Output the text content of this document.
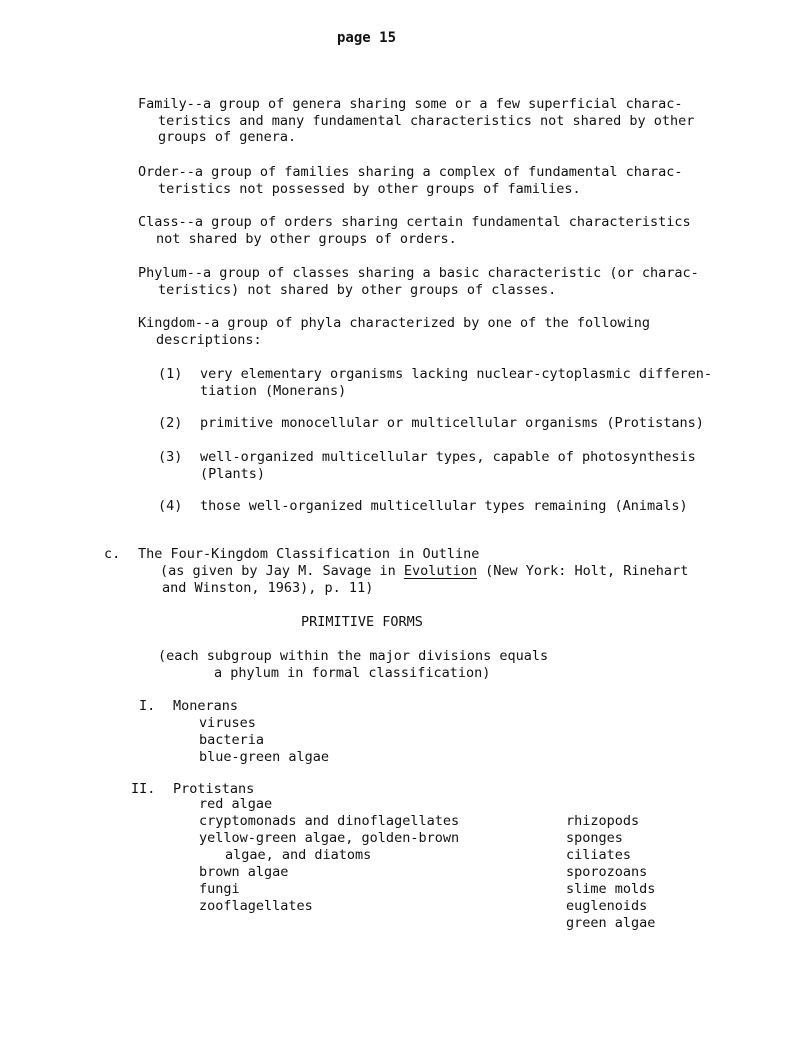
page 15
Family--a group of genera sharing some or a few superficial charac-
teristics and many fundamental characteristics not shared by other
groups of genera.
Order--a group of families sharing a complex of fundamental charac-
teristics not possessed by other groups of families.
Class--a group of orders sharing certain fundamental characteristics
not shared by other groups of orders.
Phylum--a group of classes sharing a basic characteristic (or charac-
teristics) not shared by other groups of classes.
Kingdom--a group of phyla characterized by one of the following
descriptions:
(1) very elementary organisms lacking nuclear-cytoplasmic differen-
tiation (Monerans)
(2) primitive monocellular or multicellular organisms (Protistans)
(3) well-organized multicellular types, capable of photosynthesis
(Plants)
(4) those well-organized multicellular types remaining (Animals)
c. The Four-Kingdom Classification in Outline
(as given by Jay M. Savage in Evolution (New York: Holt, Rinehart
and Winston, 1963), p. 11)
PRIMITIVE FORMS
(each subgroup within the major divisions equals
a phylum in formal classification)
I. Monerans
viruses
bacteria
blue-green algae
II. Protistans
red algae
cryptomonads and dinoflagellates
yellow-green algae, golden-brown
algae, and diatoms
brown algae
fungi
zooflagellates
rhizopods
sponges
ciliates
sporozoans
slime molds
euglenoids
green algae
